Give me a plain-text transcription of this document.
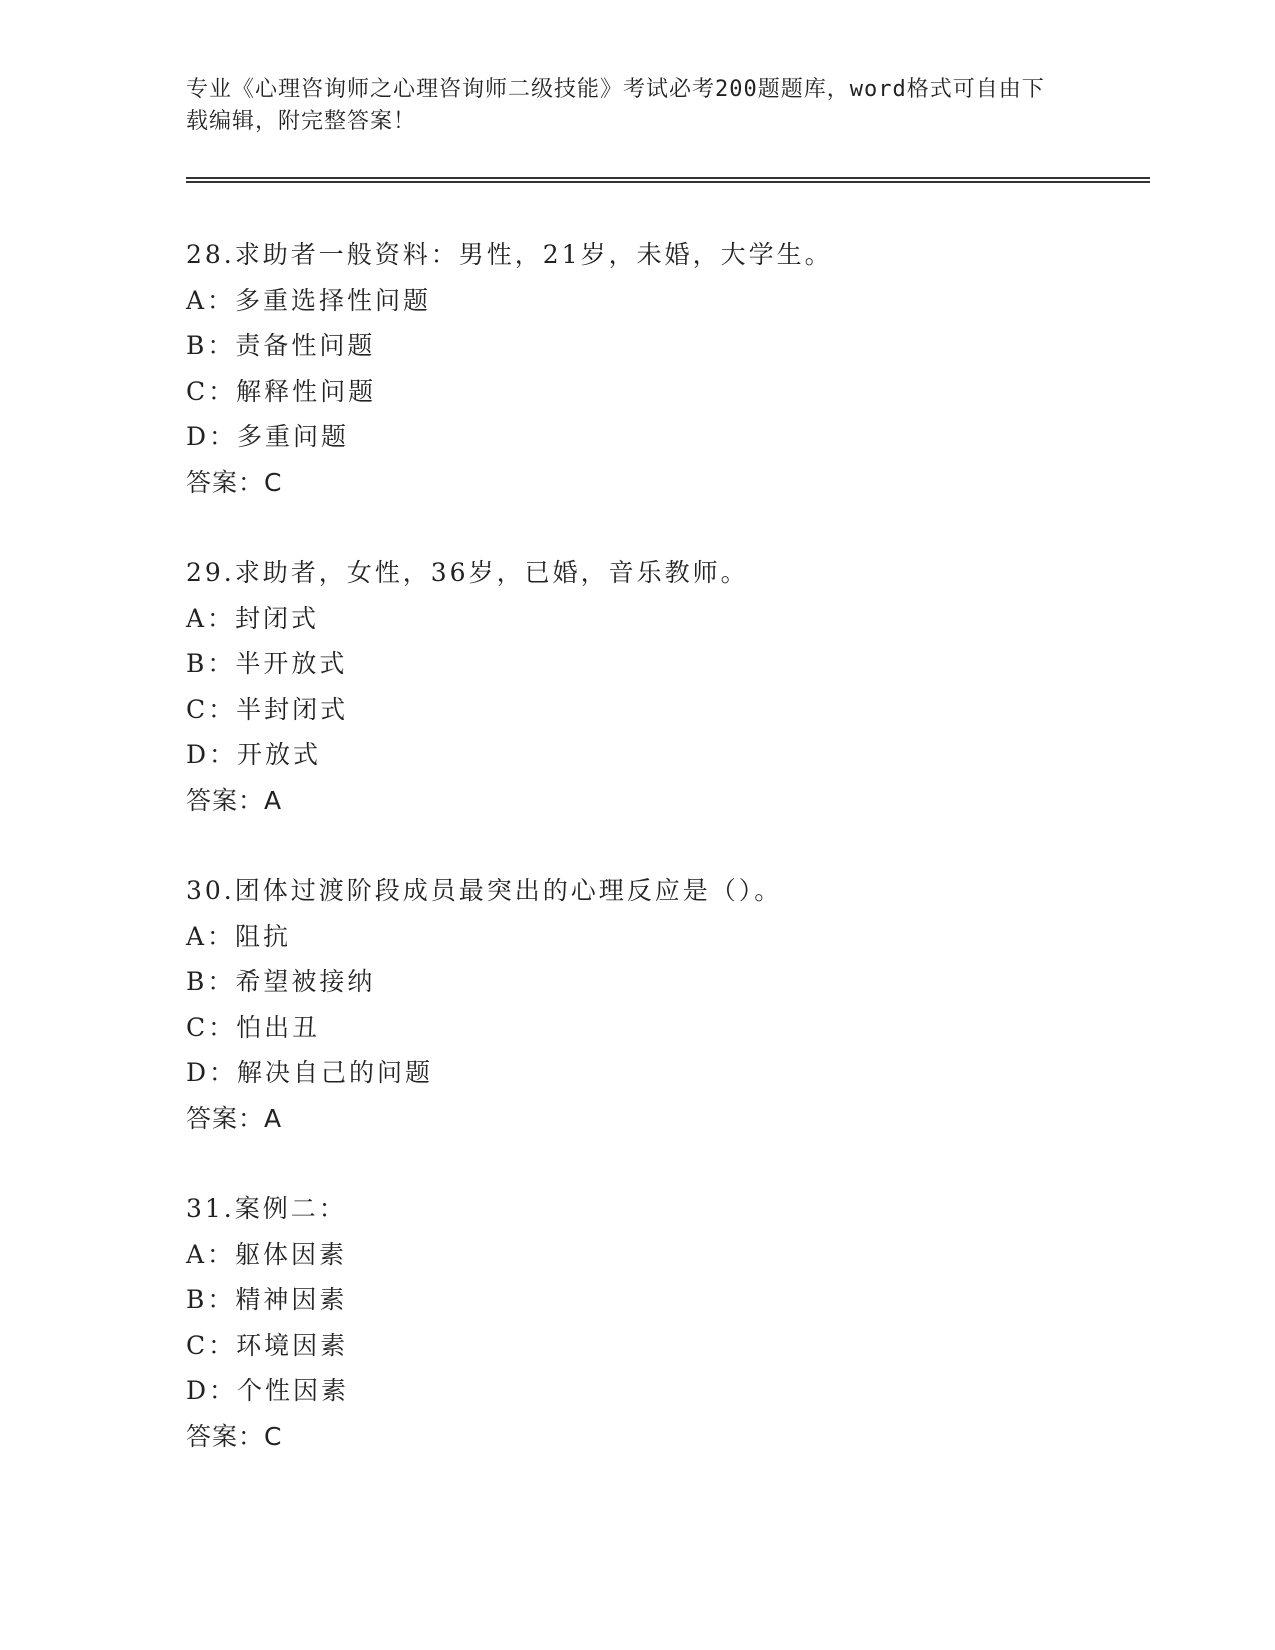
专业《心理咨询师之心理咨询师二级技能》考试必考200题题库，word格式可自由下载编辑，附完整答案！
28.求助者一般资料：男性，21岁，未婚，大学生。
A：多重选择性问题
B：责备性问题
C：解释性问题
D：多重问题
答案：C
29.求助者，女性，36岁，已婚，音乐教师。
A：封闭式
B：半开放式
C：半封闭式
D：开放式
答案：A
30.团体过渡阶段成员最突出的心理反应是（）。
A：阻抗
B：希望被接纳
C：怕出丑
D：解决自己的问题
答案：A
31.案例二：
A：躯体因素
B：精神因素
C：环境因素
D：个性因素
答案：C
